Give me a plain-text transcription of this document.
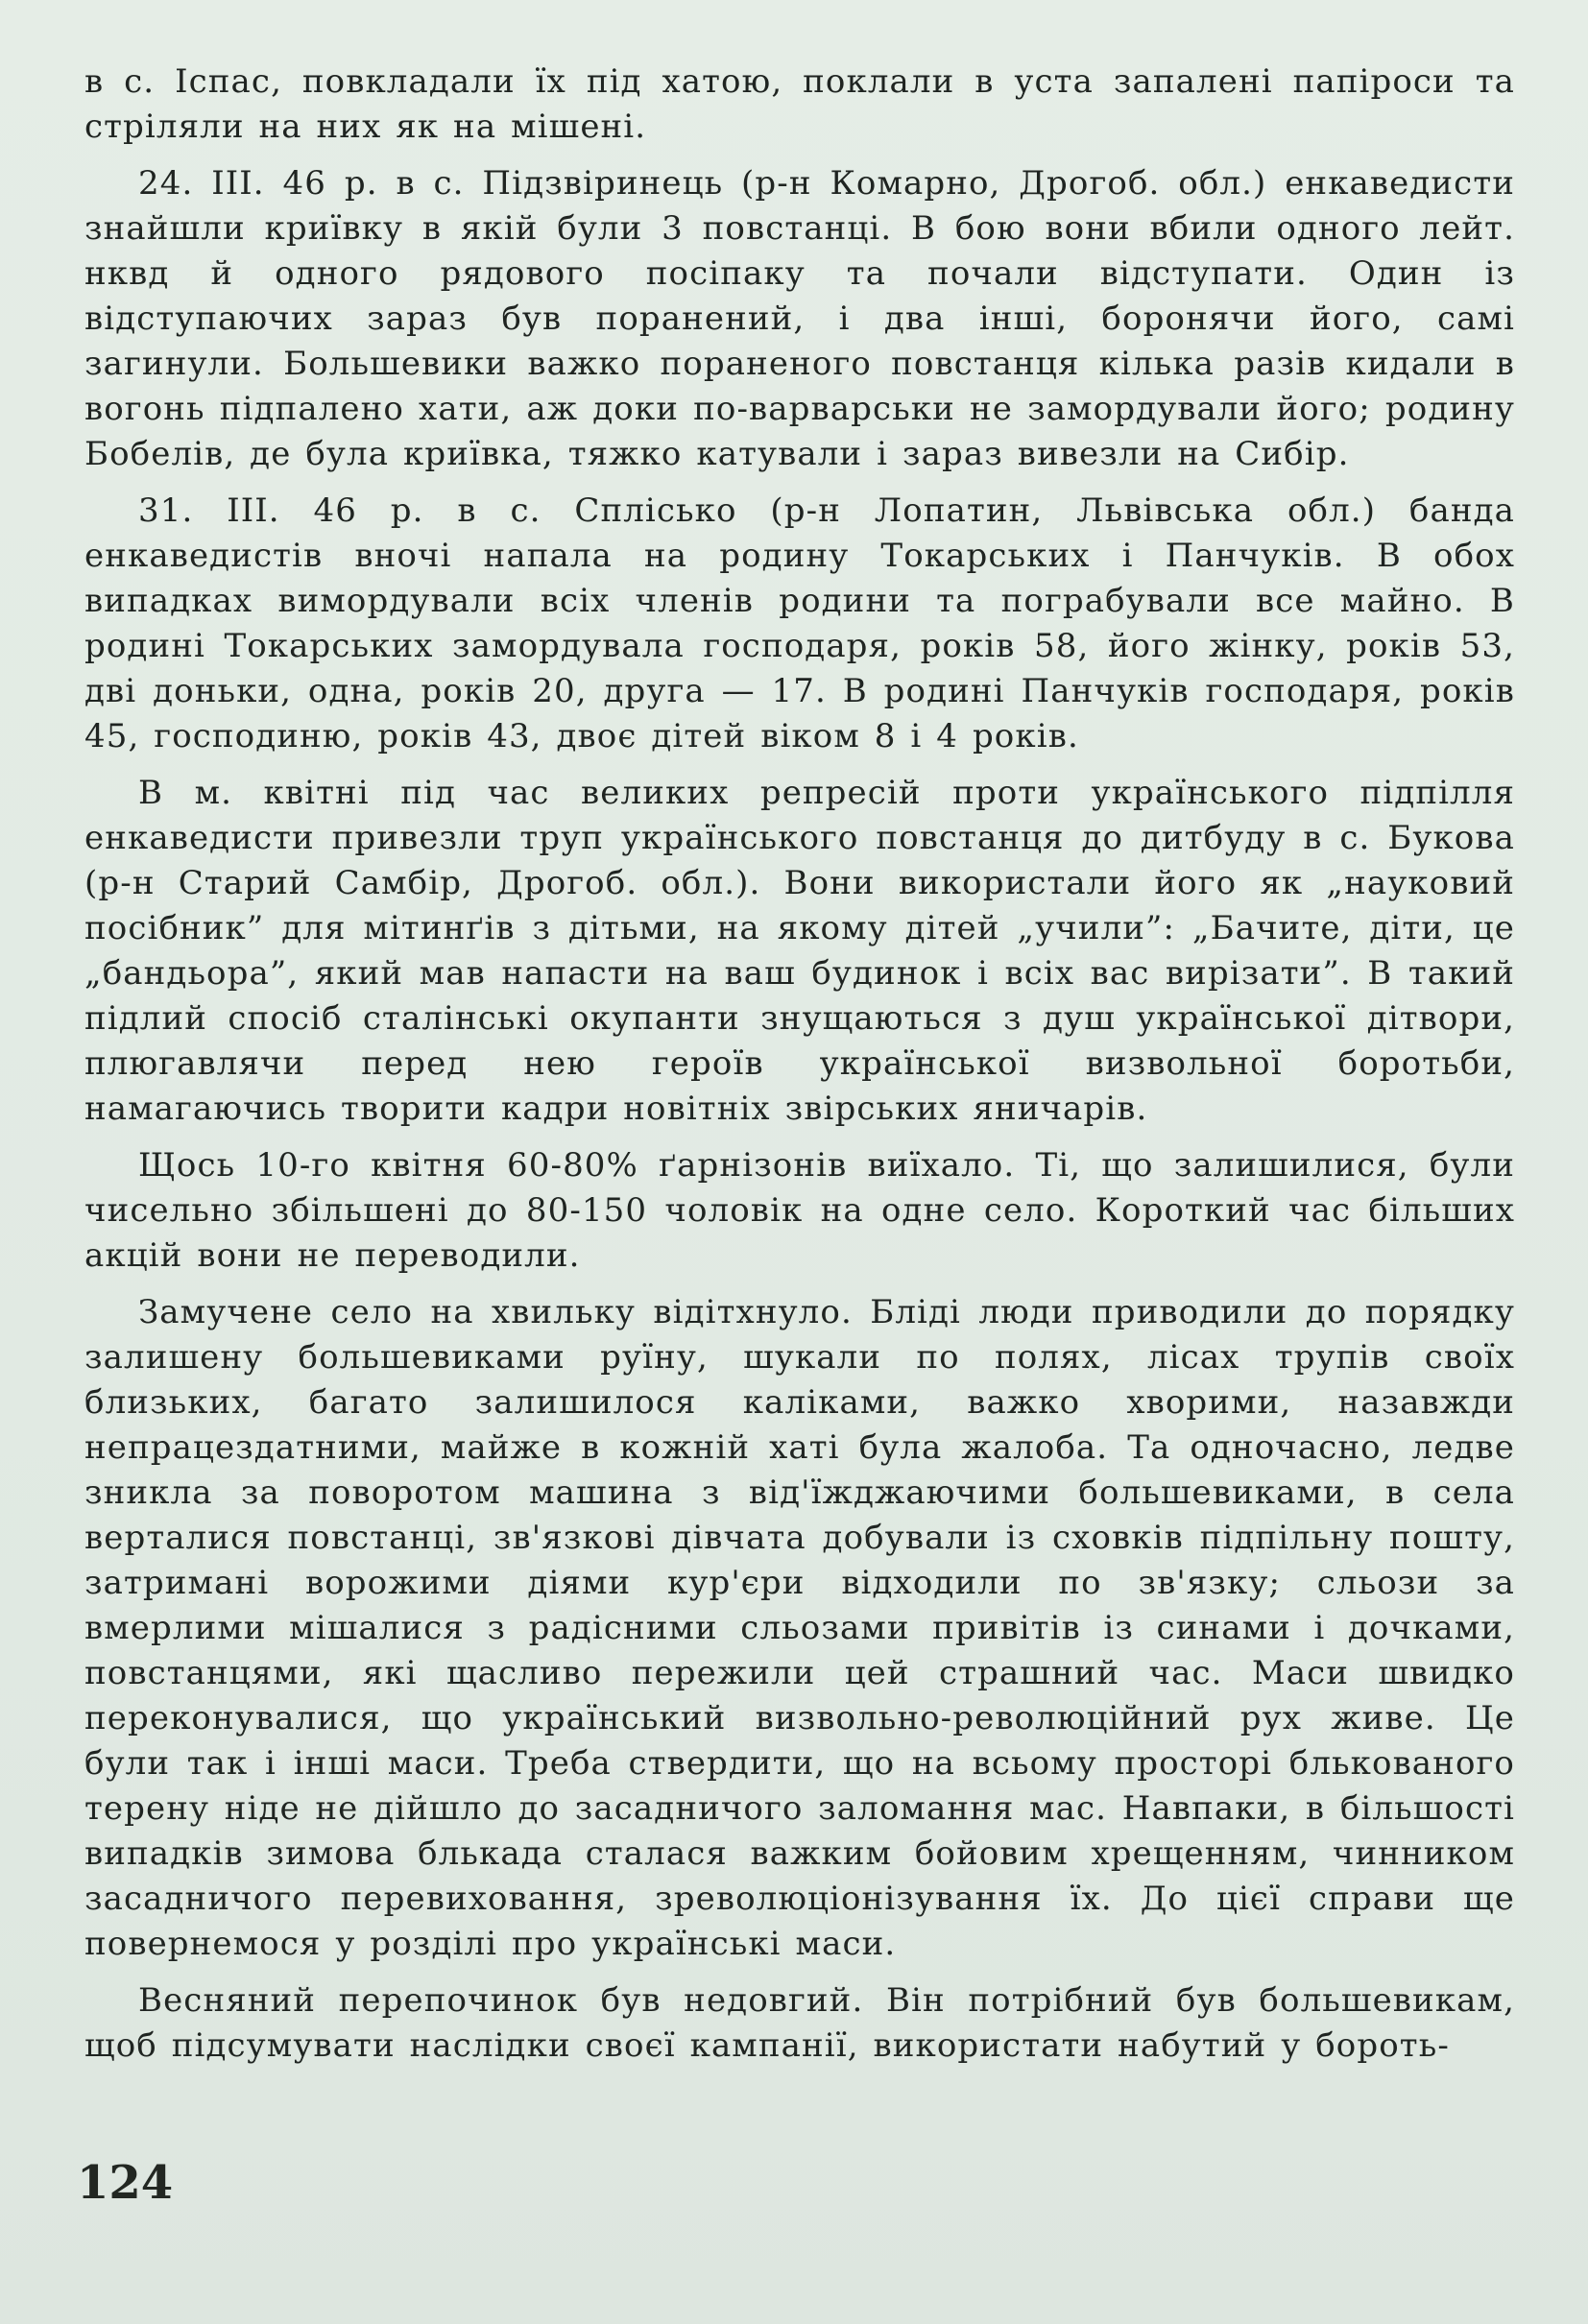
в с. Іспас, повкладали їх під хатою, поклали в уста запалені папіроси та стріляли на них як на мішені.

24. ІІІ. 46 р. в с. Підзвіринець (р-н Комарно, Дрогоб. обл.) енкаведисти знайшли криївку в якій були 3 повстанці. В бою вони вбили одного лейт. нквд й одного рядового посіпаку та почали відступати. Один із відступаючих зараз був поранений, і два інші, боронячи його, самі загинули. Большевики важко пораненого повстанця кілька разів кидали в вогонь підпалено хати, аж доки по-варварськи не замордували його; родину Бобелів, де була криївка, тяжко катували і зараз вивезли на Сибір.

31. ІІІ. 46 р. в с. Сплісько (р-н Лопатин, Львівська обл.) банда енкаведистів вночі напала на родину Токарських і Панчуків. В обох випадках вимордували всіх членів родини та пограбували все майно. В родині Токарських замордувала господаря, років 58, його жінку, років 53, дві доньки, одна, років 20, друга — 17. В родині Панчуків господаря, років 45, господиню, років 43, двоє дітей віком 8 і 4 років.

В м. квітні під час великих репресій проти українського підпілля енкаведисти привезли труп українського повстанця до дитбуду в с. Букова (р-н Старий Самбір, Дрогоб. обл.). Вони використали його як „науковий посібник” для мітинґів з дітьми, на якому дітей „учили”: „Бачите, діти, це „бандьора”, який мав напасти на ваш будинок і всіх вас вирізати”. В такий підлий спосіб сталінські окупанти знущаються з душ української дітвори, плюгавлячи перед нею героїв української визвольної боротьби, намагаючись творити кадри новітніх звірських яничарів.

Щось 10-го квітня 60-80% ґарнізонів виїхало. Ті, що залишилися, були чисельно збільшені до 80-150 чоловік на одне село. Короткий час більших акцій вони не переводили.

Замучене село на хвильку відітхнуло. Бліді люди приводили до порядку залишену большевиками руїну, шукали по полях, лісах трупів своїх близьких, багато залишилося каліками, важко хворими, назавжди непрацездатними, майже в кожній хаті була жалоба. Та одночасно, ледве зникла за поворотом машина з від'їжджаючими большевиками, в села верталися повстанці, зв'язкові дівчата добували із сховків підпільну пошту, затримані ворожими діями кур'єри відходили по зв'язку; сльози за вмерлими мішалися з радісними сльозами привітів із синами і дочками, повстанцями, які щасливо пережили цей страшний час. Маси швидко переконувалися, що український визвольно-революційний рух живе. Це були так і інші маси. Треба ствердити, що на всьому просторі блькованого терену ніде не дійшло до засадничого заломання мас. Навпаки, в більшості випадків зимова блькада сталася важким бойовим хрещенням, чинником засадничого перевиховання, зреволюціонізування їх. До цієї справи ще повернемося у розділі про українські маси.

Весняний перепочинок був недовгий. Він потрібний був большевикам, щоб підсумувати наслідки своєї кампанії, використати набутий у бороть-

124
